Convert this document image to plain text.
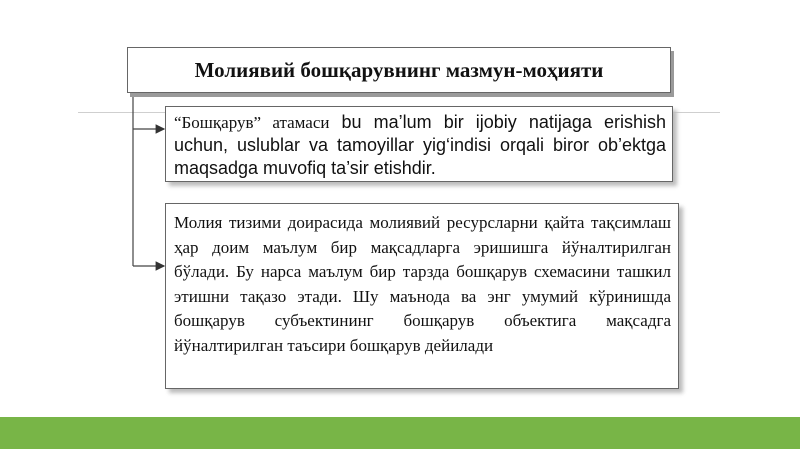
Молиявий бошқарувнинг мазмун-моҳияти
“Бошқарув” атамаси bu ma’lum bir ijobiy natijaga erishish uchun, uslublar va tamoyillar yig‘indisi orqali biror ob’ektga maqsadga muvofiq ta’sir etishdir.
Молия тизими доирасида молиявий ресурсларни қайта тақсимлаш ҳар доим маълум бир мақсадларга эришишга йўналтирилган бўлади. Бу нарса маълум бир тарзда бошқарув схемасини ташкил этишни тақазо этади. Шу маънода ва энг умумий кўринишда бошқарув субъектининг бошқарув объектига мақсадга йўналтирилган таъсири бошқарув дейилади
